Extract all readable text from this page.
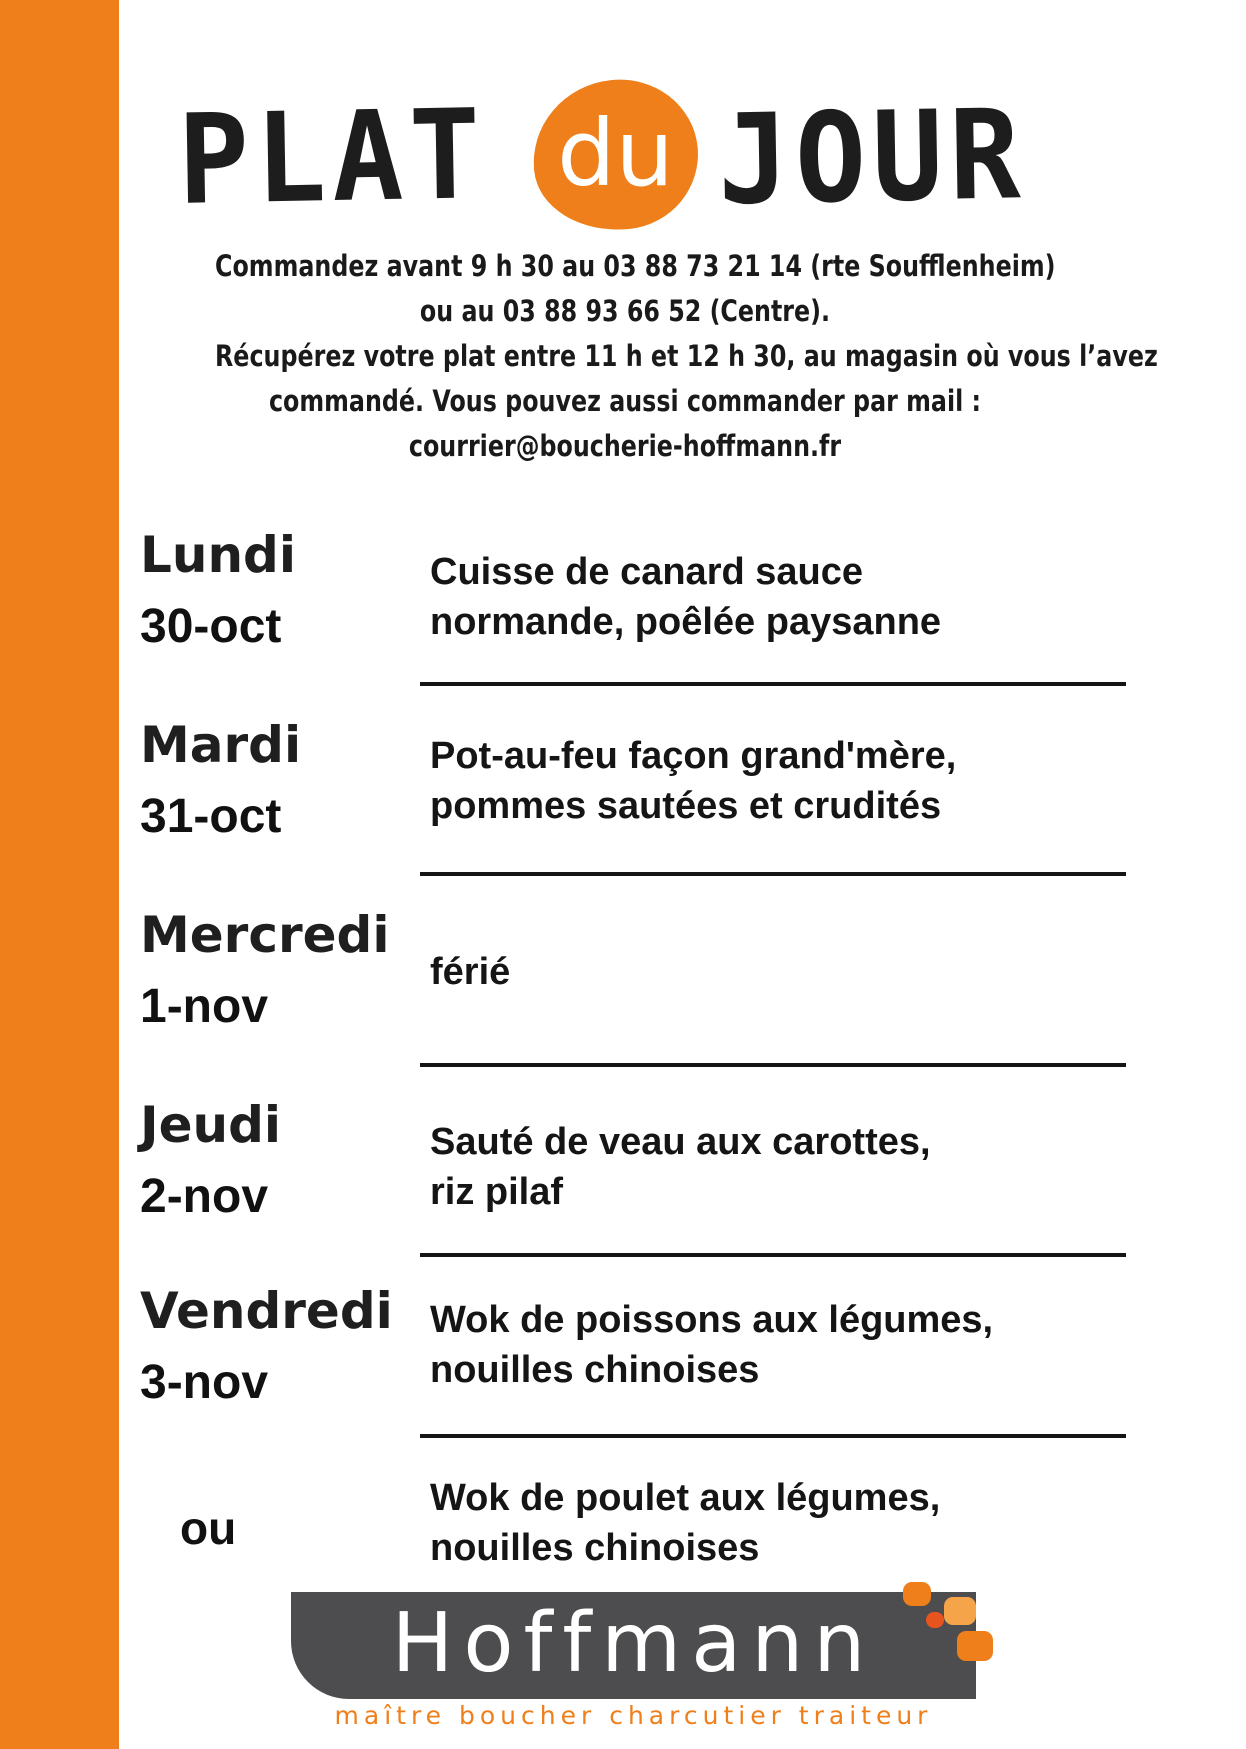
PLAT du JOUR
Commandez avant 9 h 30 au 03 88 73 21 14 (rte Soufflenheim)
ou au 03 88 93 66 52 (Centre).
Récupérez votre plat entre 11 h et 12 h 30, au magasin où vous l’avez
commandé. Vous pouvez aussi commander par mail :
courrier@boucherie-hoffmann.fr
Lundi
30-oct
Cuisse de canard sauce
normande, poêlée paysanne
Mardi
31-oct
Pot-au-feu façon grand'mère,
pommes sautées et crudités
Mercredi
1-nov
férié
Jeudi
2-nov
Sauté de veau aux carottes,
riz pilaf
Vendredi
3-nov
Wok de poissons aux légumes,
nouilles chinoises
ou
Wok de poulet aux légumes,
nouilles chinoises
Hoffmann
maître boucher charcutier traiteur
